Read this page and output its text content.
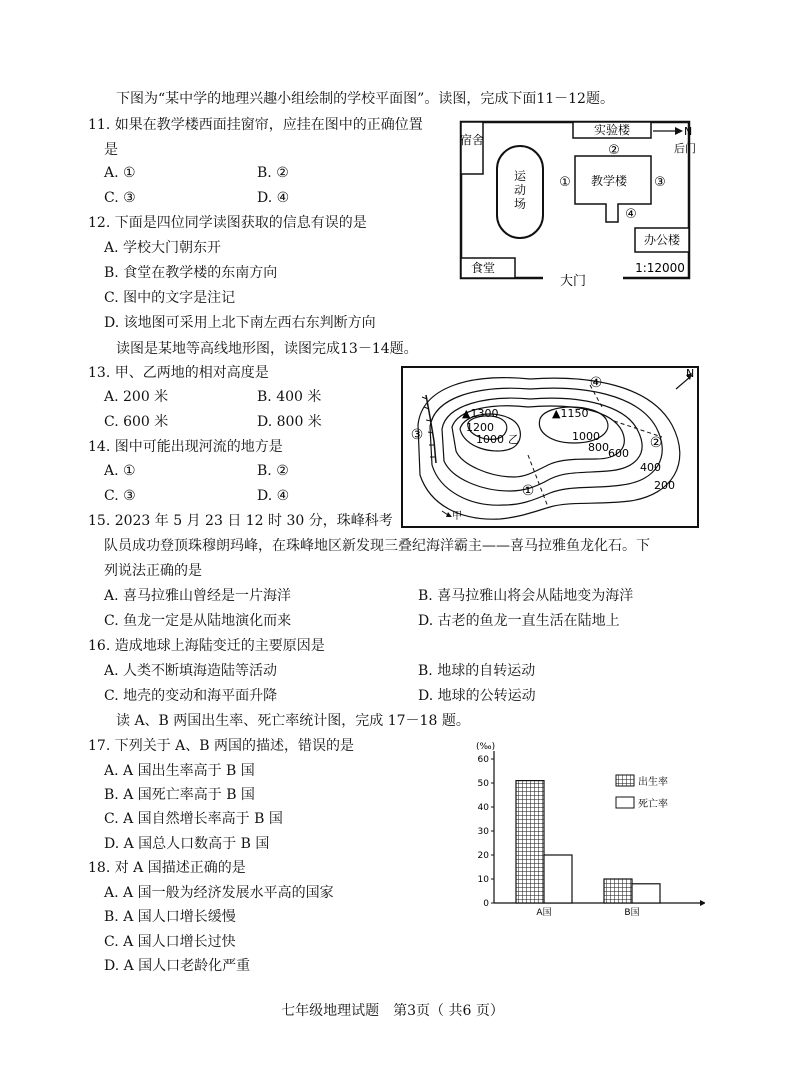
下图为“某中学的地理兴趣小组绘制的学校平面图”。读图，完成下面11－12题。
11. 如果在教学楼西面挂窗帘，应挂在图中的正确位置
是
A. ①	B. ②
C. ③	D. ④
12. 下面是四位同学读图获取的信息有误的是
A. 学校大门朝东开
B. 食堂在教学楼的东南方向
C. 图中的文字是注记
D. 该地图可采用上北下南左西右东判断方向
宿舍
实验楼	N
后门
运
动
场
教学楼
①
②
③
④
办公楼
食堂
大门
1:12000
读图是某地等高线地形图，读图完成13－14题。
13. 甲、乙两地的相对高度是
A. 200 米	B. 400 米
C. 600 米	D. 800 米
14. 图中可能出现河流的地方是
A. ①	B. ②
C. ③	D. ④
▲1300
1200
1000 乙
▲1150
1000
800 600
400
200
①
②
③
④
甲
N
15. 2023 年 5 月 23 日 12 时 30 分，珠峰科考
队员成功登顶珠穆朗玛峰，在珠峰地区新发现三叠纪海洋霸主——喜马拉雅鱼龙化石。下
列说法正确的是
A. 喜马拉雅山曾经是一片海洋	B. 喜马拉雅山将会从陆地变为海洋
C. 鱼龙一定是从陆地演化而来	D. 古老的鱼龙一直生活在陆地上
16. 造成地球上海陆变迁的主要原因是
A. 人类不断填海造陆等活动	B. 地球的自转运动
C. 地壳的变动和海平面升降	D. 地球的公转运动
读 A、B 两国出生率、死亡率统计图，完成 17－18 题。
17. 下列关于 A、B 两国的描述，错误的是
A. A 国出生率高于 B 国
B. A 国死亡率高于 B 国
C. A 国自然增长率高于 B 国
D. A 国总人口数高于 B 国
18. 对 A 国描述正确的是
A. A 国一般为经济发展水平高的国家
B. A 国人口增长缓慢
C. A 国人口增长过快
D. A 国人口老龄化严重
(‰)
0
10
20
30
40
50
60
A国	B国
出生率
死亡率
七年级地理试题　第3页（ 共6 页）
